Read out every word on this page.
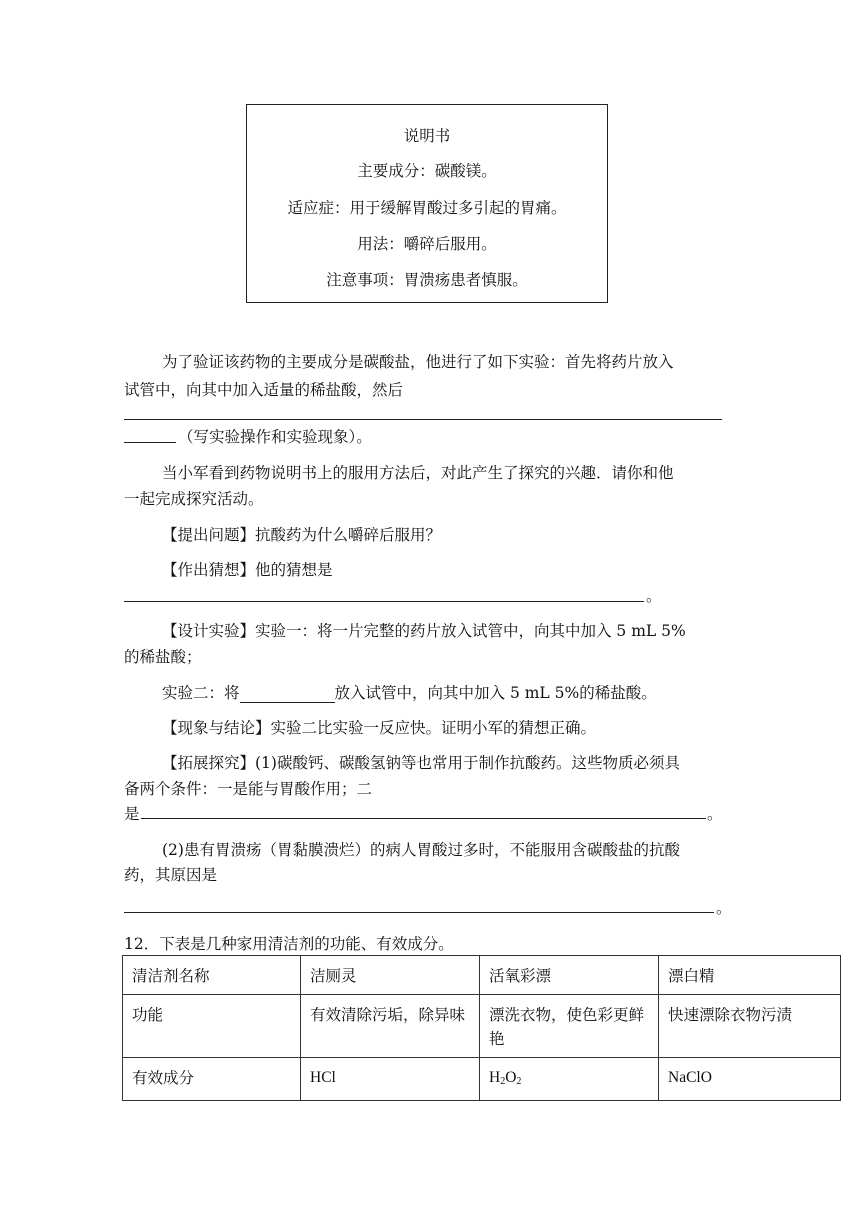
说明书
主要成分：碳酸镁。
适应症：用于缓解胃酸过多引起的胃痛。
用法：嚼碎后服用。
注意事项：胃溃疡患者慎服。
为了验证该药物的主要成分是碳酸盐，他进行了如下实验：首先将药片放入
试管中，向其中加入适量的稀盐酸，然后
（写实验操作和实验现象）。
当小军看到药物说明书上的服用方法后，对此产生了探究的兴趣．请你和他
一起完成探究活动。
【提出问题】抗酸药为什么嚼碎后服用？
【作出猜想】他的猜想是
。
【设计实验】实验一：将一片完整的药片放入试管中，向其中加入 5 mL 5%
的稀盐酸；
实验二：将	放入试管中，向其中加入 5 mL 5%的稀盐酸。
【现象与结论】实验二比实验一反应快。证明小军的猜想正确。
【拓展探究】(1)碳酸钙、碳酸氢钠等也常用于制作抗酸药。这些物质必须具
备两个条件：一是能与胃酸作用；二
是	。
(2)患有胃溃疡（胃黏膜溃烂）的病人胃酸过多时，不能服用含碳酸盐的抗酸
药，其原因是
。
12．下表是几种家用清洁剂的功能、有效成分。
清洁剂名称	洁厕灵	活氧彩漂	漂白精
功能	有效清除污垢，除异味	漂洗衣物，使色彩更鲜艳	快速漂除衣物污渍
有效成分	HCl	$H_2O_2$	NaClO
